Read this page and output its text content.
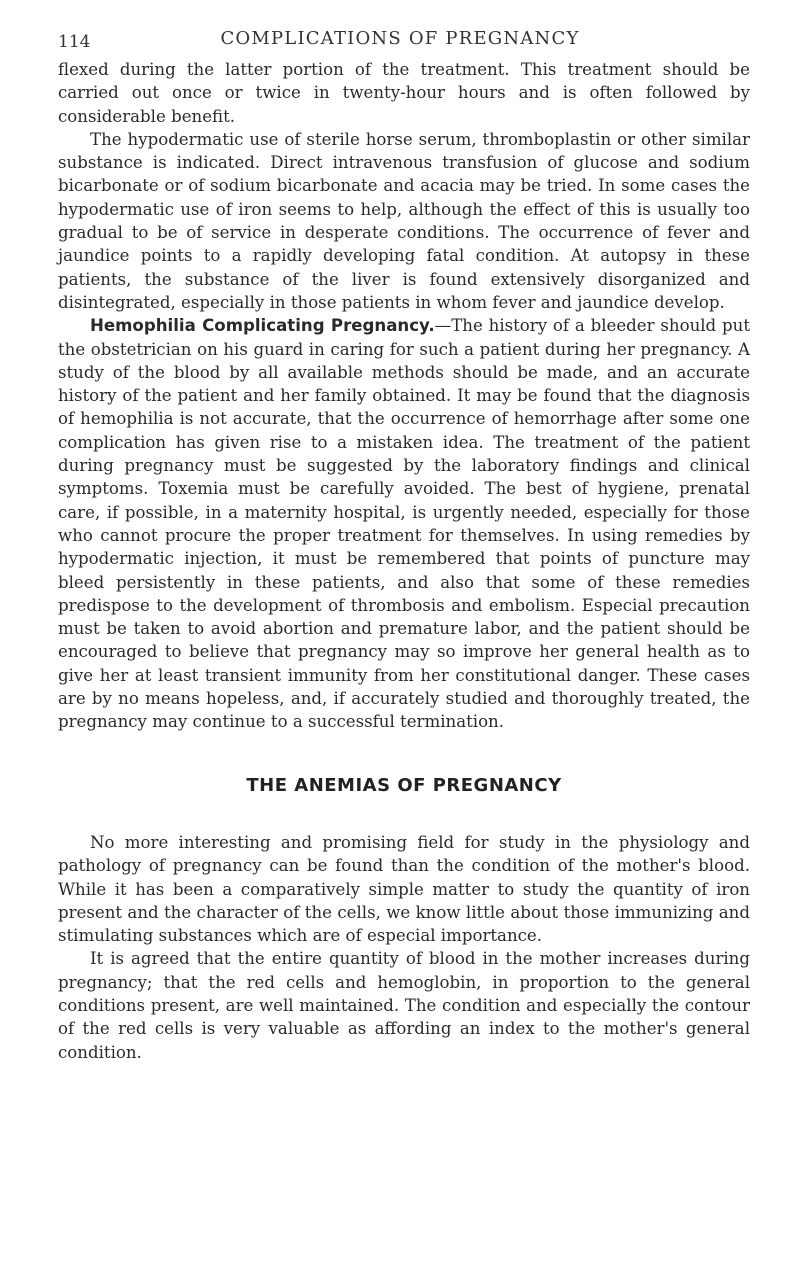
114	COMPLICATIONS OF PREGNANCY

flexed during the latter portion of the treatment. This treatment should be carried out once or twice in twenty-hour hours and is often followed by considerable benefit.

The hypodermatic use of sterile horse serum, thromboplastin or other similar substance is indicated. Direct intravenous transfusion of glucose and sodium bicarbonate or of sodium bicarbonate and acacia may be tried. In some cases the hypodermatic use of iron seems to help, although the effect of this is usually too gradual to be of service in desperate conditions. The occurrence of fever and jaundice points to a rapidly developing fatal condition. At autopsy in these patients, the substance of the liver is found extensively disorganized and disintegrated, especially in those patients in whom fever and jaundice develop.

Hemophilia Complicating Pregnancy.—The history of a bleeder should put the obstetrician on his guard in caring for such a patient during her pregnancy. A study of the blood by all available methods should be made, and an accurate history of the patient and her family obtained. It may be found that the diagnosis of hemophilia is not accurate, that the occurrence of hemorrhage after some one complication has given rise to a mistaken idea. The treatment of the patient during pregnancy must be suggested by the laboratory findings and clinical symptoms. Toxemia must be carefully avoided. The best of hygiene, prenatal care, if possible, in a maternity hospital, is urgently needed, especially for those who cannot procure the proper treatment for themselves. In using remedies by hypodermatic injection, it must be remembered that points of puncture may bleed persistently in these patients, and also that some of these remedies predispose to the development of thrombosis and embolism. Especial precaution must be taken to avoid abortion and premature labor, and the patient should be encouraged to believe that pregnancy may so improve her general health as to give her at least transient immunity from her constitutional danger. These cases are by no means hopeless, and, if accurately studied and thoroughly treated, the pregnancy may continue to a successful termination.

THE ANEMIAS OF PREGNANCY

No more interesting and promising field for study in the physiology and pathology of pregnancy can be found than the condition of the mother's blood. While it has been a comparatively simple matter to study the quantity of iron present and the character of the cells, we know little about those immunizing and stimulating substances which are of especial importance.

It is agreed that the entire quantity of blood in the mother increases during pregnancy; that the red cells and hemoglobin, in proportion to the general conditions present, are well maintained. The condition and especially the contour of the red cells is very valuable as affording an index to the mother's general condition.
